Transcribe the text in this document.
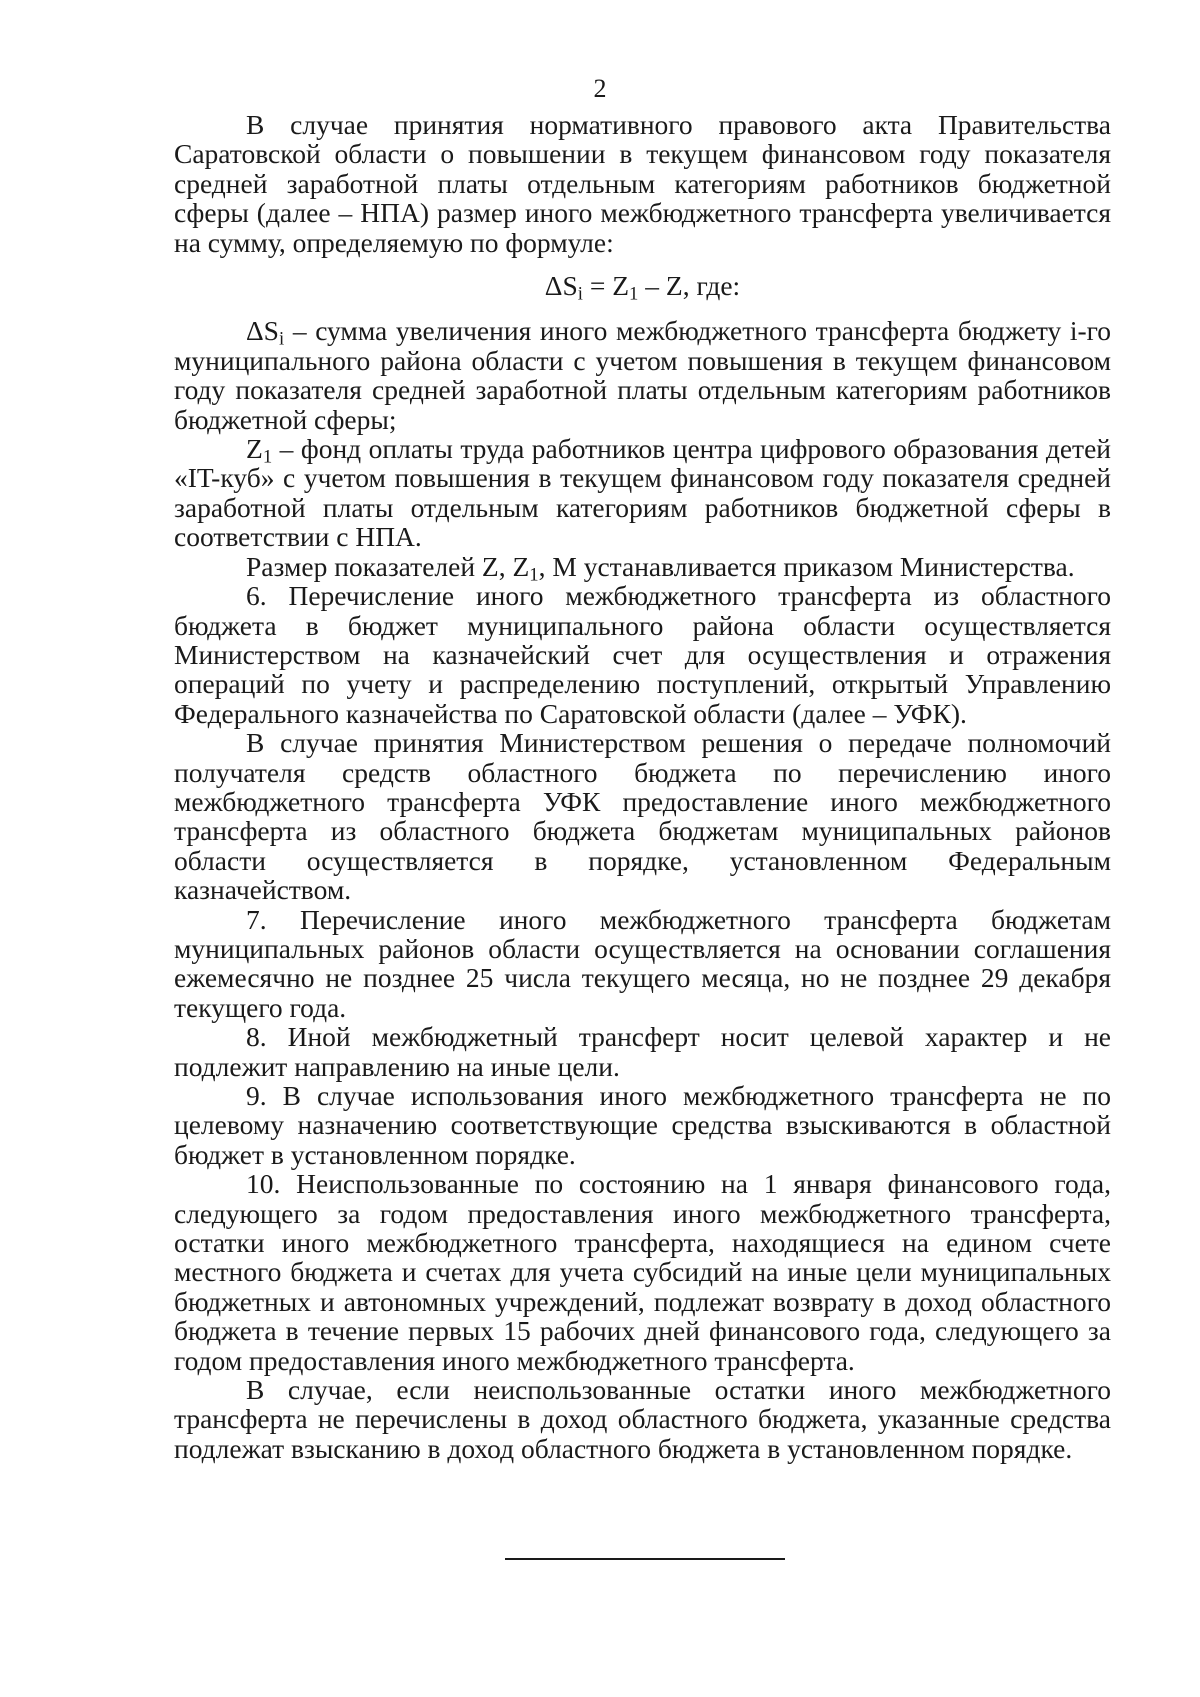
2

В случае принятия нормативного правового акта Правительства Саратовской области о повышении в текущем финансовом году показателя средней заработной платы отдельным категориям работников бюджетной сферы (далее – НПА) размер иного межбюджетного трансферта увеличивается на сумму, определяемую по формуле:

$\Delta S_i = Z_1 - Z$, где:

$\Delta S_i$ – сумма увеличения иного межбюджетного трансферта бюджету i-го муниципального района области с учетом повышения в текущем финансовом году показателя средней заработной платы отдельным категориям работников бюджетной сферы;

$Z_1$ – фонд оплаты труда работников центра цифрового образования детей «IT-куб» с учетом повышения в текущем финансовом году показателя средней заработной платы отдельным категориям работников бюджетной сферы в соответствии с НПА.

Размер показателей Z, $Z_1$, M устанавливается приказом Министерства.

6. Перечисление иного межбюджетного трансферта из областного бюджета в бюджет муниципального района области осуществляется Министерством на казначейский счет для осуществления и отражения операций по учету и распределению поступлений, открытый Управлению Федерального казначейства по Саратовской области (далее – УФК).

В случае принятия Министерством решения о передаче полномочий получателя средств областного бюджета по перечислению иного межбюджетного трансферта УФК предоставление иного межбюджетного трансферта из областного бюджета бюджетам муниципальных районов области осуществляется в порядке, установленном Федеральным казначейством.

7. Перечисление иного межбюджетного трансферта бюджетам муниципальных районов области осуществляется на основании соглашения ежемесячно не позднее 25 числа текущего месяца, но не позднее 29 декабря текущего года.

8. Иной межбюджетный трансферт носит целевой характер и не подлежит направлению на иные цели.

9. В случае использования иного межбюджетного трансферта не по целевому назначению соответствующие средства взыскиваются в областной бюджет в установленном порядке.

10. Неиспользованные по состоянию на 1 января финансового года, следующего за годом предоставления иного межбюджетного трансферта, остатки иного межбюджетного трансферта, находящиеся на едином счете местного бюджета и счетах для учета субсидий на иные цели муниципальных бюджетных и автономных учреждений, подлежат возврату в доход областного бюджета в течение первых 15 рабочих дней финансового года, следующего за годом предоставления иного межбюджетного трансферта.

В случае, если неиспользованные остатки иного межбюджетного трансферта не перечислены в доход областного бюджета, указанные средства подлежат взысканию в доход областного бюджета в установленном порядке.
